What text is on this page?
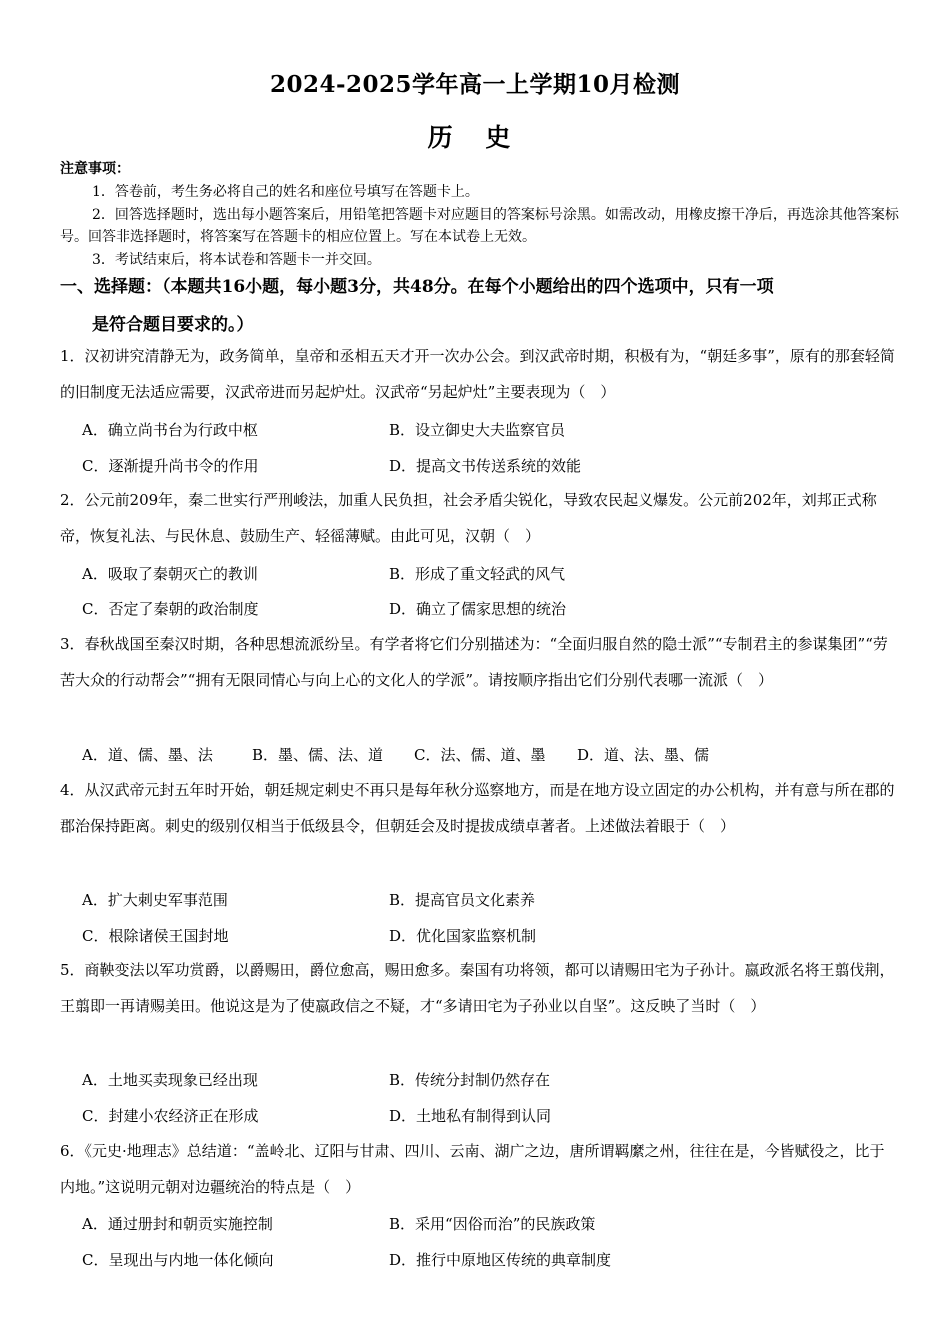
2024-2025学年高一上学期10月检测
历 史
注意事项：
1．答卷前，考生务必将自己的姓名和座位号填写在答题卡上。
2．回答选择题时，选出每小题答案后，用铅笔把答题卡对应题目的答案标号涂黑。如需改动，用橡皮擦干净后，再选涂其他答案标号。回答非选择题时，将答案写在答题卡的相应位置上。写在本试卷上无效。
3．考试结束后，将本试卷和答题卡一并交回。
一、选择题：（本题共16小题，每小题3分，共48分。在每个小题给出的四个选项中，只有一项
是符合题目要求的。）
1．汉初讲究清静无为，政务简单，皇帝和丞相五天才开一次办公会。到汉武帝时期，积极有为，“朝廷多事”，原有的那套轻简的旧制度无法适应需要，汉武帝进而另起炉灶。汉武帝“另起炉灶”主要表现为（　）
A．确立尚书台为行政中枢	B．设立御史大夫监察官员
C．逐渐提升尚书令的作用	D．提高文书传送系统的效能
2．公元前209年，秦二世实行严刑峻法，加重人民负担，社会矛盾尖锐化，导致农民起义爆发。公元前202年，刘邦正式称帝，恢复礼法、与民休息、鼓励生产、轻徭薄赋。由此可见，汉朝（　）
A．吸取了秦朝灭亡的教训	B．形成了重文轻武的风气
C．否定了秦朝的政治制度	D．确立了儒家思想的统治
3．春秋战国至秦汉时期，各种思想流派纷呈。有学者将它们分别描述为：“全面归服自然的隐士派”“专制君主的参谋集团”“劳苦大众的行动帮会”“拥有无限同情心与向上心的文化人的学派”。请按顺序指出它们分别代表哪一流派（　）
A．道、儒、墨、法	B．墨、儒、法、道 C．法、儒、道、墨 D．道、法、墨、儒
4．从汉武帝元封五年时开始，朝廷规定刺史不再只是每年秋分巡察地方，而是在地方设立固定的办公机构，并有意与所在郡的郡治保持距离。刺史的级别仅相当于低级县令，但朝廷会及时提拔成绩卓著者。上述做法着眼于（　）
A．扩大刺史军事范围	B．提高官员文化素养
C．根除诸侯王国封地	D．优化国家监察机制
5．商鞅变法以军功赏爵，以爵赐田，爵位愈高，赐田愈多。秦国有功将领，都可以请赐田宅为子孙计。嬴政派名将王翦伐荆，王翦即一再请赐美田。他说这是为了使嬴政信之不疑，才“多请田宅为子孙业以自坚”。这反映了当时（　）
A．土地买卖现象已经出现	B．传统分封制仍然存在
C．封建小农经济正在形成	D．土地私有制得到认同
6．《元史·地理志》总结道：“盖岭北、辽阳与甘肃、四川、云南、湖广之边，唐所谓羁縻之州，往往在是，今皆赋役之，比于内地。”这说明元朝对边疆统治的特点是（　）
A．通过册封和朝贡实施控制	B．采用“因俗而治”的民族政策
C．呈现出与内地一体化倾向	D．推行中原地区传统的典章制度
